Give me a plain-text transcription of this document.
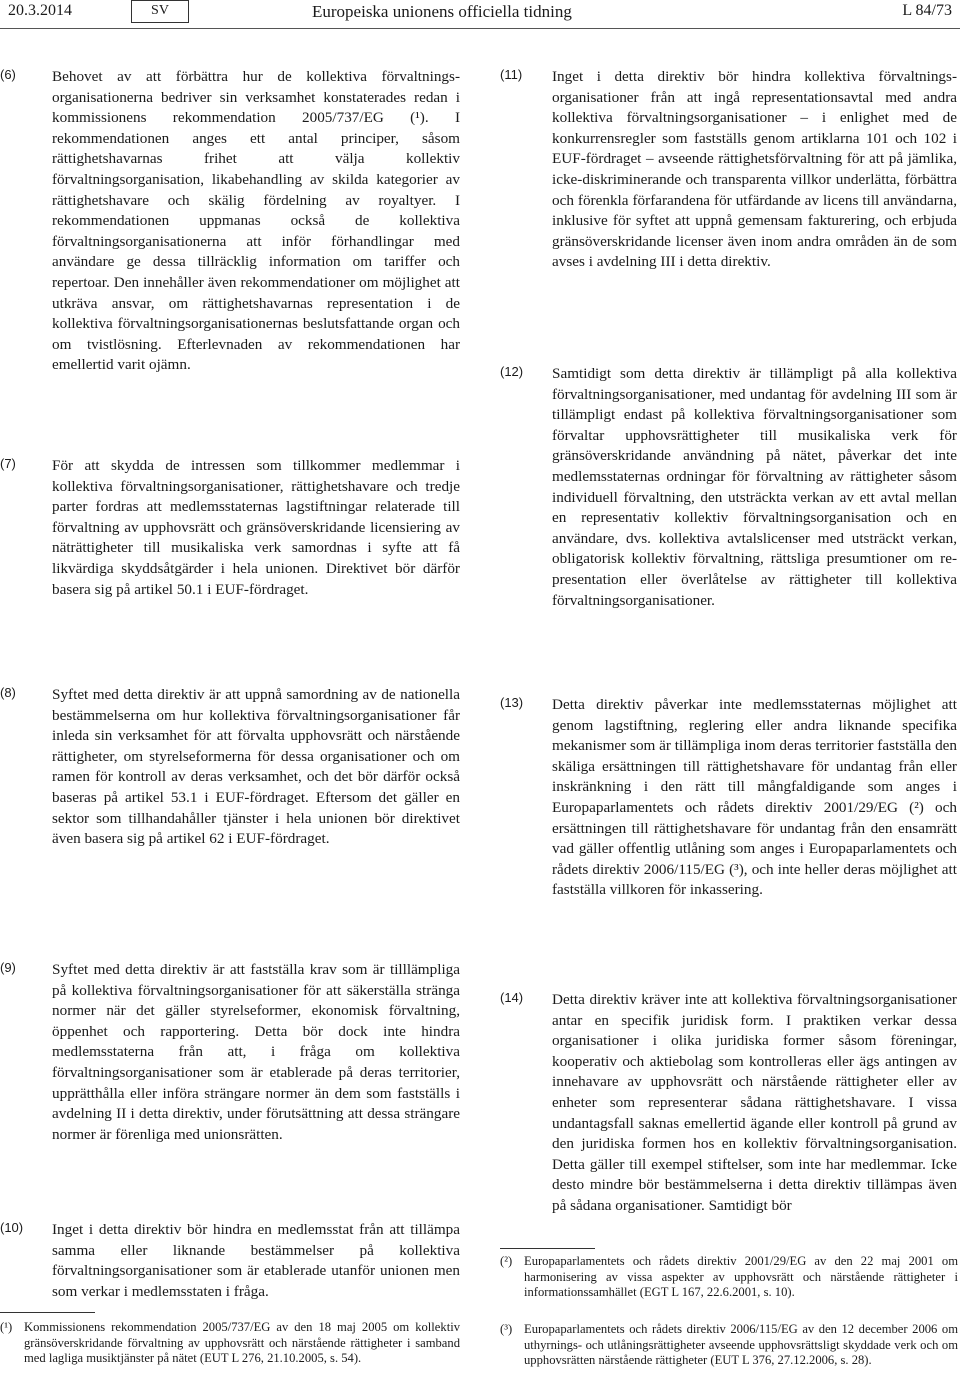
20.3.2014	SV	Europeiska unionens officiella tidning	L 84/73
(6) Behovet av att förbättra hur de kollektiva förvaltningsorganisationerna bedriver sin verksamhet konstaterades redan i kommissionens rekommendation 2005/737/EG (¹). I rekommendationen anges ett antal principer, såsom rättighetshavarnas frihet att välja kollektiv förvaltningsorganisation, likabehandling av skilda kategorier av rättighetshavare och skälig fördelning av royaltyer. I rekommendationen uppmanas också de kollektiva förvaltningsorganisationerna att inför förhandlingar med användare ge dessa tillräcklig information om tariffer och repertoar. Den innehåller även rekommendationer om möjlighet att utkräva ansvar, om rättighetshavarnas representation i de kollektiva förvaltningsorganisationernas beslutsfattande organ och om tvistlösning. Efterlevnaden av rekommendationen har emellertid varit ojämn.
(7) För att skydda de intressen som tillkommer medlemmar i kollektiva förvaltningsorganisationer, rättighetshavare och tredje parter fordras att medlemsstaternas lagstiftningar relaterade till förvaltning av upphovsrätt och gränsöverskridande licensiering av näträttigheter till musikaliska verk samordnas i syfte att få likvärdiga skyddsåtgärder i hela unionen. Direktivet bör därför basera sig på artikel 50.1 i EUF-fördraget.
(11) Inget i detta direktiv bör hindra kollektiva förvaltningsorganisationer från att ingå representationsavtal med andra kollektiva förvaltningsorganisationer – i enlighet med de konkurrensregler som fastställs genom artiklarna 101 och 102 i EUF-fördraget – avseende rättighetsförvaltning för att på jämlika, icke-diskriminerande och transparenta villkor underlätta, förbättra och förenkla förfarandena för utfärdande av licens till användarna, inklusive för syftet att uppnå gemensam fakturering, och erbjuda gränsöverskridande licenser även inom andra områden än de som avses i avdelning III i detta direktiv.
(12) Samtidigt som detta direktiv är tillämpligt på alla kollektiva förvaltningsorganisationer, med undantag för avdelning III som är tillämpligt endast på kollektiva förvaltningsorganisationer som förvaltar upphovsrättigheter till musikaliska verk för gränsöverskridande användning på nätet, påverkar det inte medlemsstaternas ordningar för förvaltning av rättigheter såsom individuell förvaltning, den utsträckta verkan av ett avtal mellan en representativ kollektiv förvaltningsorganisation och en användare, dvs. kollektiva avtalslicenser med utsträckt verkan, obligatorisk kollektiv förvaltning, rättsliga presumtioner om representation eller överlåtelse av rättigheter till kollektiva förvaltningsorganisationer.
(8) Syftet med detta direktiv är att uppnå samordning av de nationella bestämmelserna om hur kollektiva förvaltningsorganisationer får inleda sin verksamhet för att förvalta upphovsrätt och närstående rättigheter, om styrelseformerna för dessa organisationer och om ramen för kontroll av deras verksamhet, och det bör därför också baseras på artikel 53.1 i EUF-fördraget. Eftersom det gäller en sektor som tillhandahåller tjänster i hela unionen bör direktivet även basera sig på artikel 62 i EUF-fördraget.
(9) Syftet med detta direktiv är att fastställa krav som är tilllämpliga på kollektiva förvaltningsorganisationer för att säkerställa stränga normer när det gäller styrelseformer, ekonomisk förvaltning, öppenhet och rapportering. Detta bör dock inte hindra medlemsstaterna från att, i fråga om kollektiva förvaltningsorganisationer som är etablerade på deras territorier, upprätthålla eller införa strängare normer än dem som fastställs i avdelning II i detta direktiv, under förutsättning att dessa strängare normer är förenliga med unionsrätten.
(10) Inget i detta direktiv bör hindra en medlemsstat från att tillämpa samma eller liknande bestämmelser på kollektiva förvaltningsorganisationer som är etablerade utanför unionen men som verkar i medlemsstaten i fråga.
(¹) Kommissionens rekommendation 2005/737/EG av den 18 maj 2005 om kollektiv gränsöverskridande förvaltning av upphovsrätt och närstående rättigheter i samband med lagliga musiktjänster på nätet (EUT L 276, 21.10.2005, s. 54).
(13) Detta direktiv påverkar inte medlemsstaternas möjlighet att genom lagstiftning, reglering eller andra liknande specifika mekanismer som är tillämpliga inom deras territorier fastställa den skäliga ersättningen till rättighetshavare för undantag från eller inskränkning i den rätt till mångfaldigande som anges i Europaparlamentets och rådets direktiv 2001/29/EG (²) och ersättningen till rättighetshavare för undantag från den ensamrätt vad gäller offentlig utlåning som anges i Europaparlamentets och rådets direktiv 2006/115/EG (³), och inte heller deras möjlighet att fastställa villkoren för inkassering.
(14) Detta direktiv kräver inte att kollektiva förvaltningsorganisationer antar en specifik juridisk form. I praktiken verkar dessa organisationer i olika juridiska former såsom föreningar, kooperativ och aktiebolag som kontrolleras eller ägs antingen av innehavare av upphovsrätt och närstående rättigheter eller av enheter som representerar sådana rättighetshavare. I vissa undantagsfall saknas emellertid ägande eller kontroll på grund av den juridiska formen hos en kollektiv förvaltningsorganisation. Detta gäller till exempel stiftelser, som inte har medlemmar. Icke desto mindre bör bestämmelserna i detta direktiv tillämpas även på sådana organisationer. Samtidigt bör
(²) Europaparlamentets och rådets direktiv 2001/29/EG av den 22 maj 2001 om harmonisering av vissa aspekter av upphovsrätt och närstående rättigheter i informationssamhället (EGT L 167, 22.6.2001, s. 10).
(³) Europaparlamentets och rådets direktiv 2006/115/EG av den 12 december 2006 om uthyrnings- och utlåningsrättigheter avseende upphovsrättsligt skyddade verk och om upphovsrätten närstående rättigheter (EUT L 376, 27.12.2006, s. 28).
